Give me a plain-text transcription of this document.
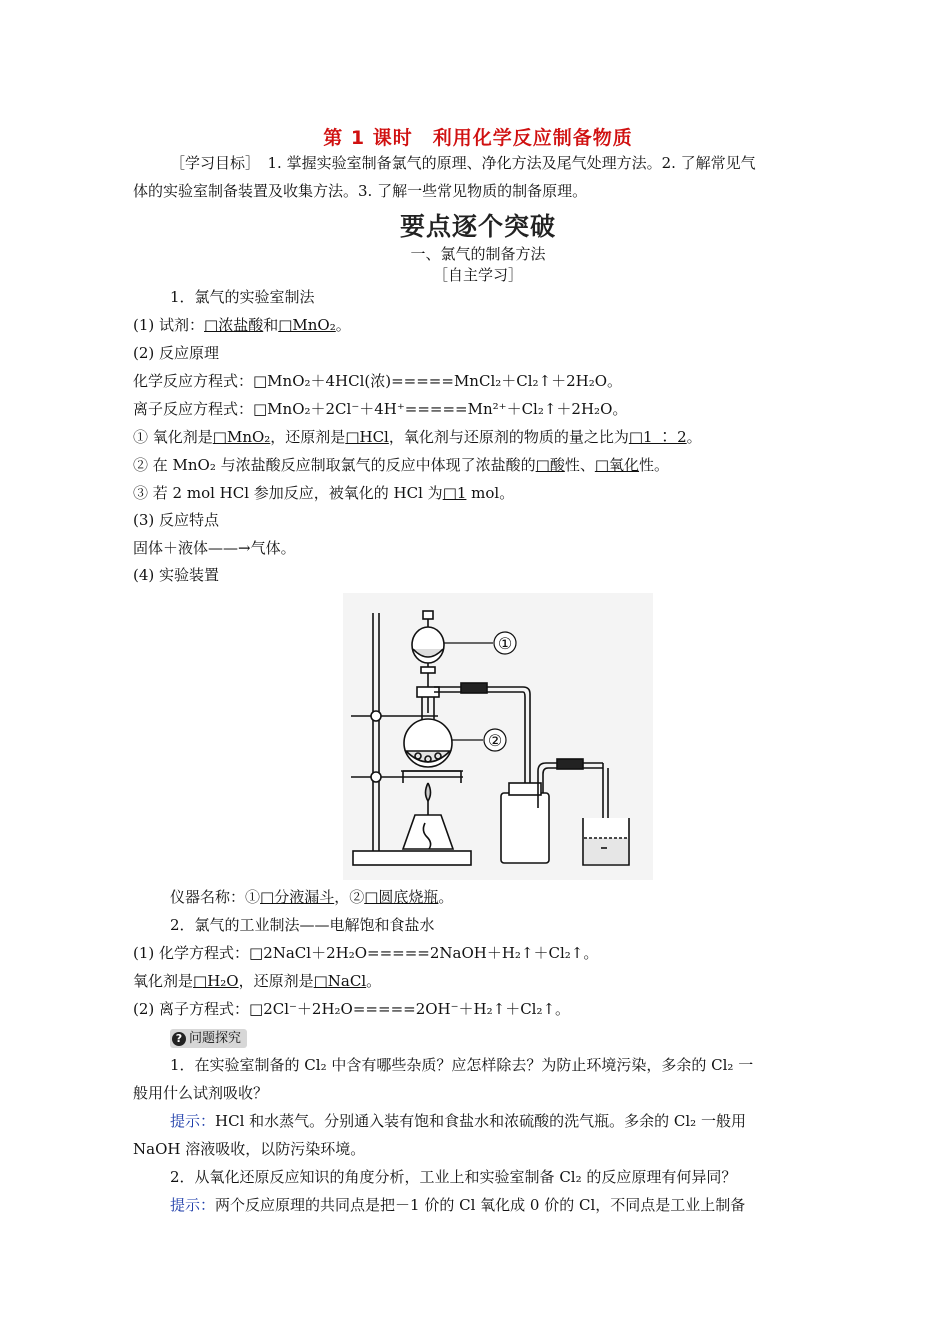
第 1 课时　利用化学反应制备物质
［学习目标］　1. 掌握实验室制备氯气的原理、净化方法及尾气处理方法。2. 了解常见气
体的实验室制备装置及收集方法。3. 了解一些常见物质的制备原理。
要点逐个突破
一、氯气的制备方法
［自主学习］
1．氯气的实验室制法
(1) 试剂：□浓盐酸和□MnO₂。
(2) 反应原理
化学反应方程式：□MnO₂＋4HCl(浓)=====MnCl₂＋Cl₂↑＋2H₂O。
离子反应方程式：□MnO₂＋2Cl⁻＋4H⁺=====Mn²⁺＋Cl₂↑＋2H₂O。
① 氧化剂是□MnO₂，还原剂是□HCl，氧化剂与还原剂的物质的量之比为□1 ∶ 2。
② 在 MnO₂ 与浓盐酸反应制取氯气的反应中体现了浓盐酸的□酸性、□氧化性。
③ 若 2 mol HCl 参加反应，被氧化的 HCl 为□1 mol。
(3) 反应特点
固体＋液体——→气体。
(4) 实验装置
①
②
仪器名称：①□分液漏斗，②□圆底烧瓶。
2．氯气的工业制法——电解饱和食盐水
(1) 化学方程式：□2NaCl＋2H₂O=====2NaOH＋H₂↑＋Cl₂↑。
氧化剂是□H₂O，还原剂是□NaCl。
(2) 离子方程式：□2Cl⁻＋2H₂O=====2OH⁻＋H₂↑＋Cl₂↑。
? 问题探究
1．在实验室制备的 Cl₂ 中含有哪些杂质？应怎样除去？为防止环境污染，多余的 Cl₂ 一
般用什么试剂吸收？
提示：HCl 和水蒸气。分别通入装有饱和食盐水和浓硫酸的洗气瓶。多余的 Cl₂ 一般用
NaOH 溶液吸收，以防污染环境。
2．从氧化还原反应知识的角度分析，工业上和实验室制备 Cl₂ 的反应原理有何异同？
提示：两个反应原理的共同点是把－1 价的 Cl 氧化成 0 价的 Cl，不同点是工业上制备
